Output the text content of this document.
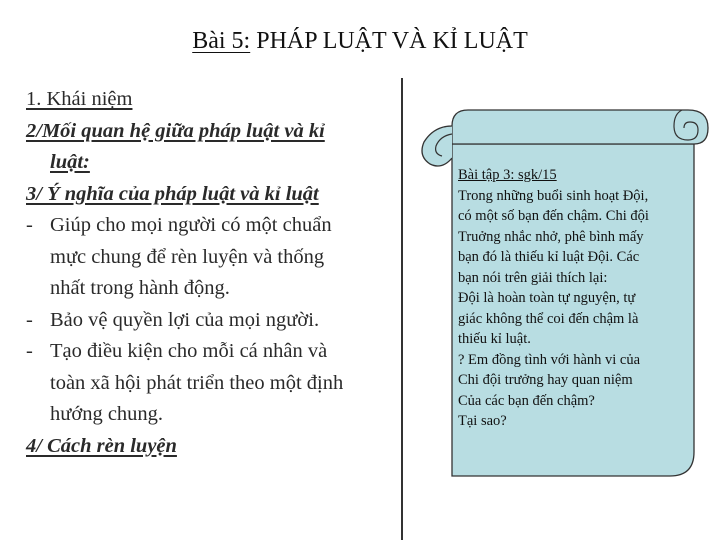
Bài 5: PHÁP LUẬT VÀ KỈ LUẬT
1. Khái niệm
2/Mối quan hệ giữa pháp luật và kỉ
luật:
3/ Ý nghĩa của pháp luật và kỉ luật
- Giúp cho mọi người có một chuẩn
mực chung để rèn luyện và thống
nhất trong hành động.
- Bảo vệ quyền lợi của mọi người.
- Tạo điều kiện cho mỗi cá nhân và
toàn xã hội phát triển theo một định
hướng chung.
4/ Cách rèn luyện
Bài tập 3: sgk/15
Trong những buổi sinh hoạt Đội,
có một số bạn đến chậm. Chi đội
Truởng nhắc nhở, phê bình mấy
bạn đó là thiếu kỉ luật Đội. Các
bạn nói trên giải thích lại:
Đội là hoàn toàn tự nguyện, tự
giác không thể coi đến chậm là
thiếu kỉ luật.
? Em đồng tình với hành vi của
Chi đội trưởng hay quan niệm
Của các bạn đến chậm?
Tại sao?
